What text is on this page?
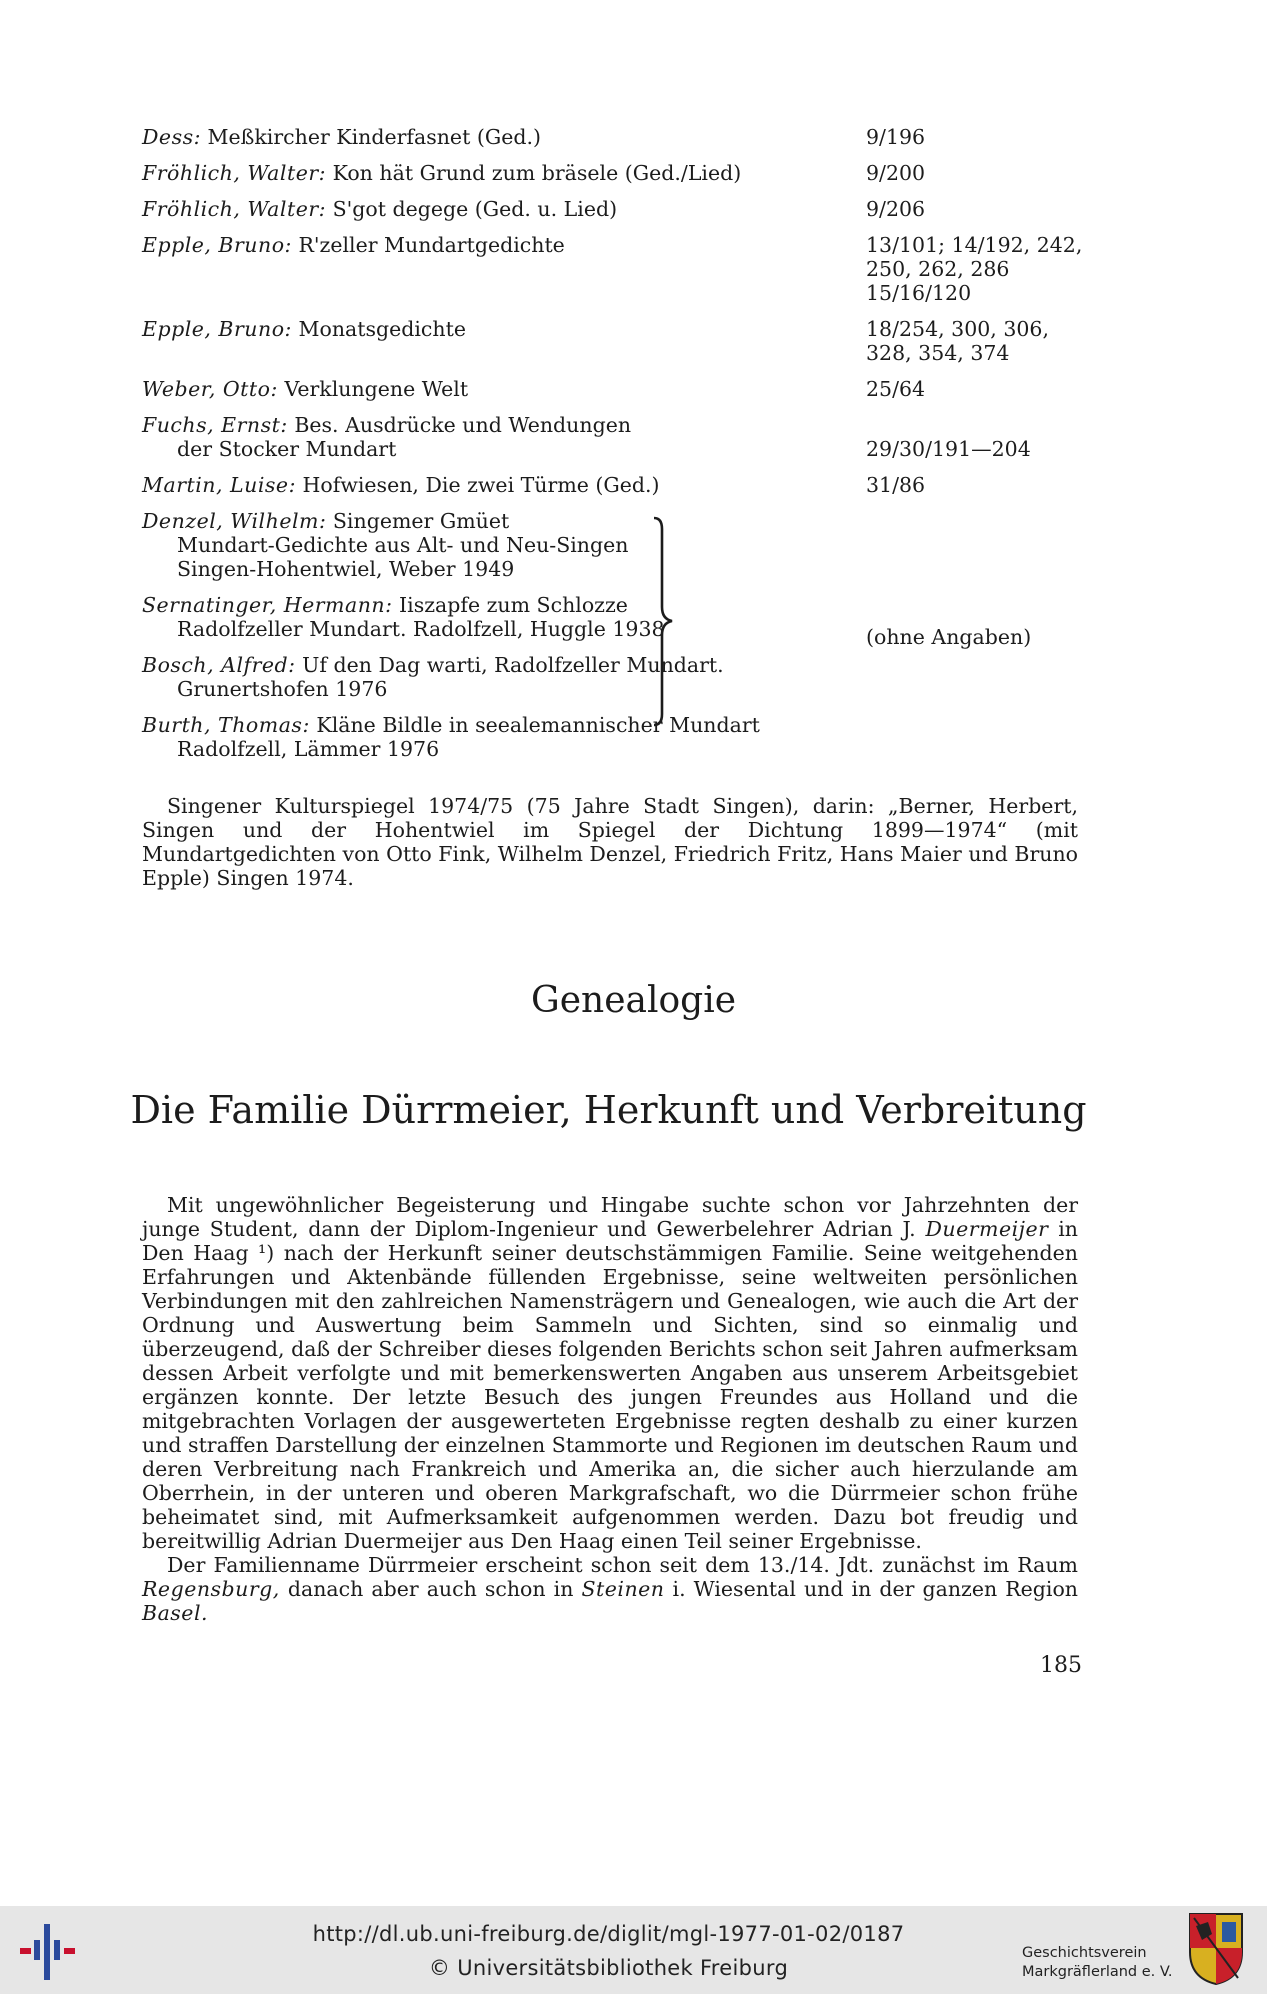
Dess: Meßkircher Kinderfasnet (Ged.)	9/196
Fröhlich, Walter: Kon hät Grund zum bräsele (Ged./Lied)	9/200
Fröhlich, Walter: S'got degege (Ged. u. Lied)	9/206
Epple, Bruno: R'zeller Mundartgedichte	13/101; 14/192, 242,
250, 262, 286
15/16/120
Epple, Bruno: Monatsgedichte	18/254, 300, 306,
328, 354, 374
Weber, Otto: Verklungene Welt	25/64
Fuchs, Ernst: Bes. Ausdrücke und Wendungen
der Stocker Mundart	29/30/191—204
Martin, Luise: Hofwiesen, Die zwei Türme (Ged.)	31/86
Denzel, Wilhelm: Singemer Gmüet
Mundart-Gedichte aus Alt- und Neu-Singen
Singen-Hohentwiel, Weber 1949
Sernatinger, Hermann: Iiszapfe zum Schlozze
Radolfzeller Mundart. Radolfzell, Huggle 1938
Bosch, Alfred: Uf den Dag warti, Radolfzeller Mundart.
Grunertshofen 1976
Burth, Thomas: Kläne Bildle in seealemannischer Mundart
Radolfzell, Lämmer 1976
(ohne Angaben)

Singener Kulturspiegel 1974/75 (75 Jahre Stadt Singen), darin: „Berner, Herbert, Singen und der Hohentwiel im Spiegel der Dichtung 1899—1974“ (mit Mundartgedichten von Otto Fink, Wilhelm Denzel, Friedrich Fritz, Hans Maier und Bruno Epple) Singen 1974.

Genealogie
Die Familie Dürrmeier, Herkunft und Verbreitung

Mit ungewöhnlicher Begeisterung und Hingabe suchte schon vor Jahrzehnten der junge Student, dann der Diplom-Ingenieur und Gewerbelehrer Adrian J. Duermeijer in Den Haag ¹) nach der Herkunft seiner deutschstämmigen Familie. Seine weitgehenden Erfahrungen und Aktenbände füllenden Ergebnisse, seine weltweiten persönlichen Verbindungen mit den zahlreichen Namensträgern und Genealogen, wie auch die Art der Ordnung und Auswertung beim Sammeln und Sichten, sind so einmalig und überzeugend, daß der Schreiber dieses folgenden Berichts schon seit Jahren aufmerksam dessen Arbeit verfolgte und mit bemerkenswerten Angaben aus unserem Arbeitsgebiet ergänzen konnte. Der letzte Besuch des jungen Freundes aus Holland und die mitgebrachten Vorlagen der ausgewerteten Ergebnisse regten deshalb zu einer kurzen und straffen Darstellung der einzelnen Stammorte und Regionen im deutschen Raum und deren Verbreitung nach Frankreich und Amerika an, die sicher auch hierzulande am Oberrhein, in der unteren und oberen Markgrafschaft, wo die Dürrmeier schon frühe beheimatet sind, mit Aufmerksamkeit aufgenommen werden. Dazu bot freudig und bereitwillig Adrian Duermeijer aus Den Haag einen Teil seiner Ergebnisse.

Der Familienname Dürrmeier erscheint schon seit dem 13./14. Jdt. zunächst im Raum Regensburg, danach aber auch schon in Steinen i. Wiesental und in der ganzen Region Basel.

185
http://dl.ub.uni-freiburg.de/diglit/mgl-1977-01-02/0187
© Universitätsbibliothek Freiburg
Geschichtsverein
Markgräflerland e. V.
